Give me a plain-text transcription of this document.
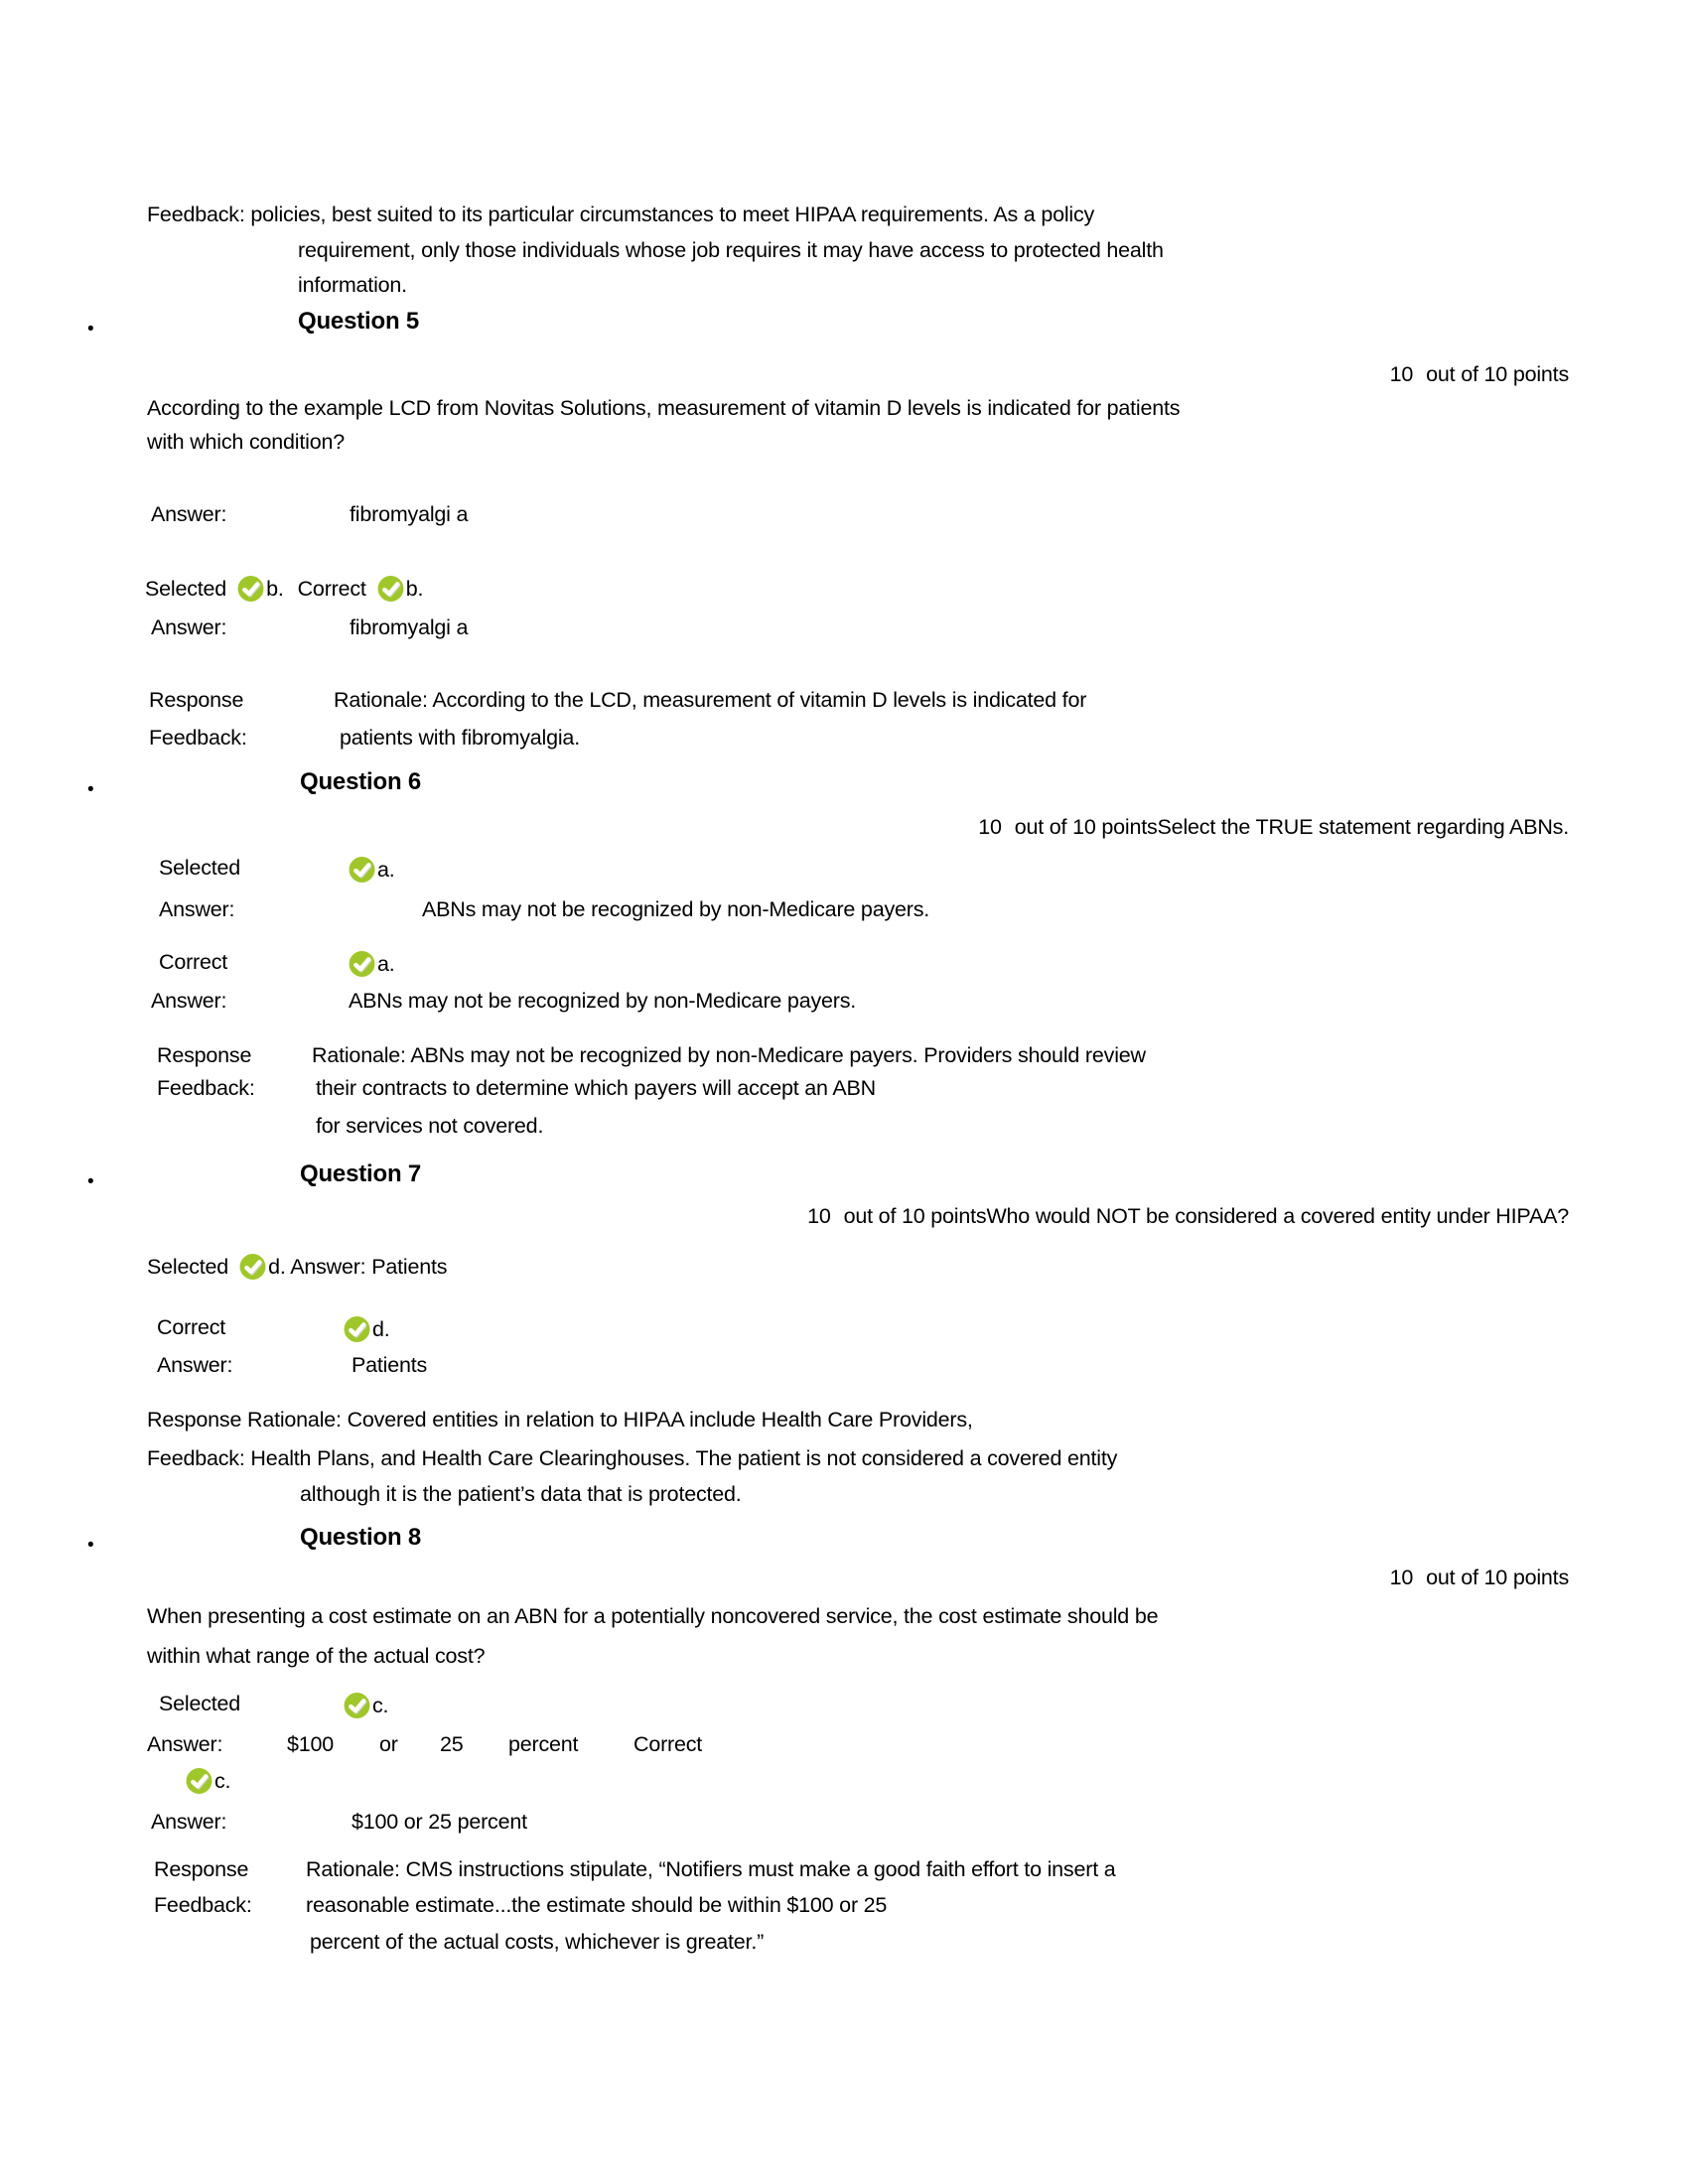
Feedback: policies, best suited to its particular circumstances to meet HIPAA requirements. As a policy
requirement, only those individuals whose job requires it may have access to protected health
information.
•	Question 5
10 out of 10 points
According to the example LCD from Novitas Solutions, measurement of vitamin D levels is indicated for patients
with which condition?
Answer:	fibromyalgi a
Selected b. Correct b.
Answer:	fibromyalgi a
Response	Rationale: According to the LCD, measurement of vitamin D levels is indicated for
Feedback:	patients with fibromyalgia.
•	Question 6
10 out of 10 pointsSelect the TRUE statement regarding ABNs.
Selected	a.
Answer:	ABNs may not be recognized by non-Medicare payers.
Correct	a.
Answer:	ABNs may not be recognized by non-Medicare payers.
Response	Rationale: ABNs may not be recognized by non-Medicare payers. Providers should review
Feedback:	their contracts to determine which payers will accept an ABN
for services not covered.
•	Question 7
10 out of 10 pointsWho would NOT be considered a covered entity under HIPAA?
Selected d. Answer: Patients
Correct	d.
Answer:	Patients
Response Rationale: Covered entities in relation to HIPAA include Health Care Providers,
Feedback: Health Plans, and Health Care Clearinghouses. The patient is not considered a covered entity
although it is the patient’s data that is protected.
•	Question 8
10 out of 10 points
When presenting a cost estimate on an ABN for a potentially noncovered service, the cost estimate should be
within what range of the actual cost?
Selected	c.
Answer:	$100 or 25 percent	Correct
c.
Answer:	$100 or 25 percent
Response	Rationale: CMS instructions stipulate, “Notifiers must make a good faith effort to insert a
Feedback:	reasonable estimate...the estimate should be within $100 or 25
percent of the actual costs, whichever is greater.”
